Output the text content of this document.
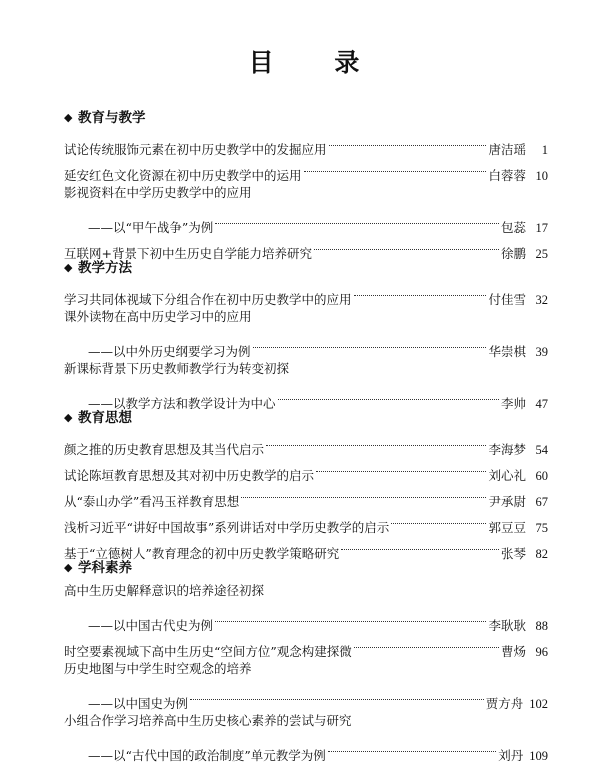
目 录
◆ 教育与教学
试论传统服饰元素在初中历史教学中的发掘应用	唐洁瑶	1
延安红色文化资源在初中历史教学中的运用	白蓉蓉 10
影视资料在中学历史教学中的应用
——以“甲午战争”为例	包蕊 17
互联网+背景下初中生历史自学能力培养研究	徐鹏 25
◆ 教学方法
学习共同体视域下分组合作在初中历史教学中的应用	付佳雪 32
课外读物在高中历史学习中的应用
——以中外历史纲要学习为例	华崇棋 39
新课标背景下历史教师教学行为转变初探
——以教学方法和教学设计为中心	李帅 47
◆ 教育思想
颜之推的历史教育思想及其当代启示	李海梦 54
试论陈垣教育思想及其对初中历史教学的启示	刘心礼 60
从“泰山办学”看冯玉祥教育思想	尹承尉 67
浅析习近平“讲好中国故事”系列讲话对中学历史教学的启示	郭豆豆 75
基于“立德树人”教育理念的初中历史教学策略研究	张琴 82
◆ 学科素养
高中生历史解释意识的培养途径初探
——以中国古代史为例	李耿耿 88
时空要素视域下高中生历史“空间方位”观念构建探微	曹炀 96
历史地图与中学生时空观念的培养
——以中国史为例	贾方舟 102
小组合作学习培养高中生历史核心素养的尝试与研究
——以“古代中国的政治制度”单元教学为例	刘丹 109
